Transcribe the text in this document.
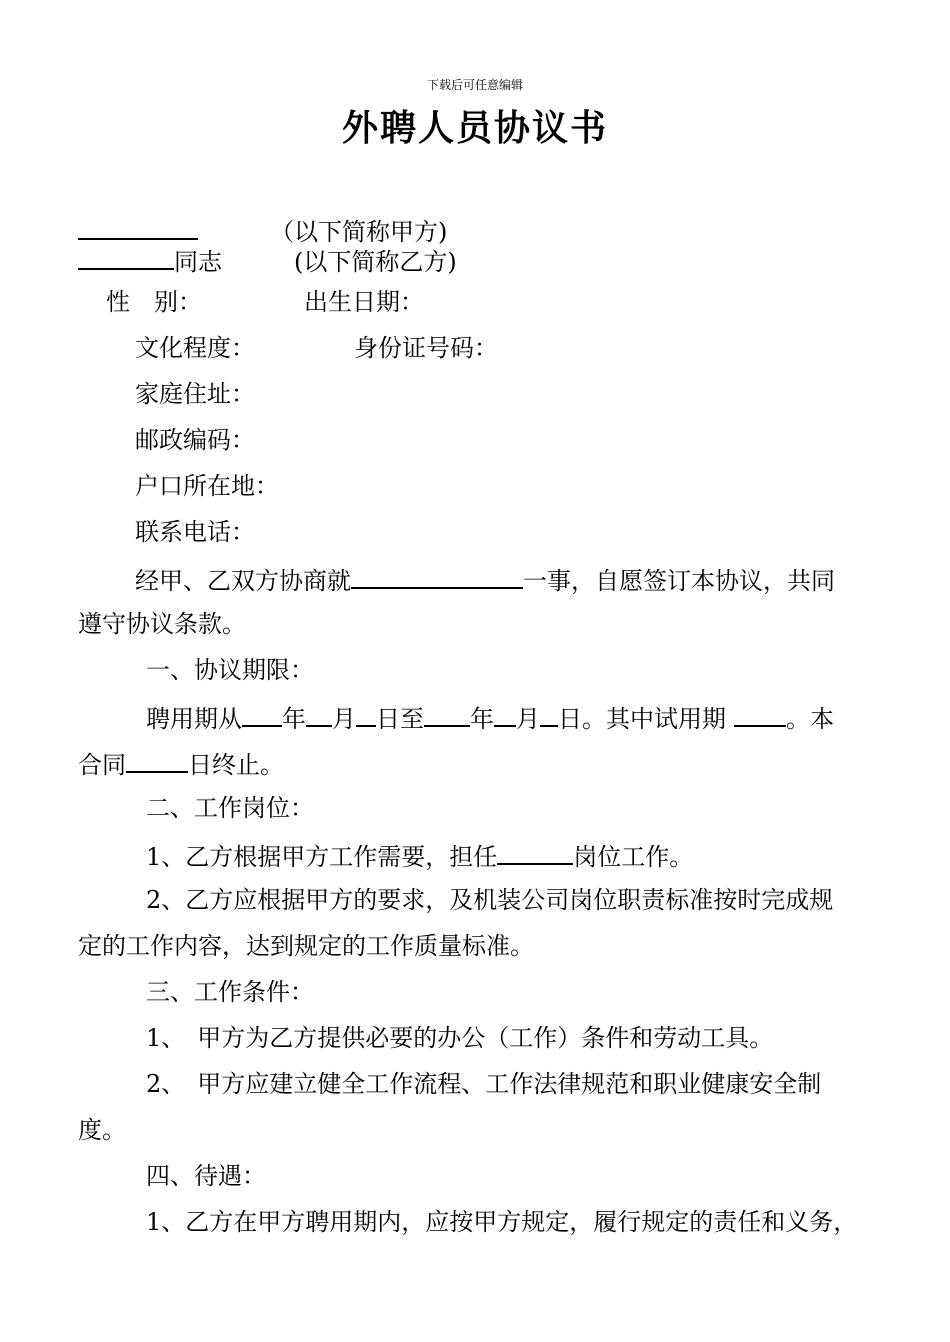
下载后可任意编辑
外聘人员协议书
（以下简称甲方)
同志	(以下简称乙方)
性　别：	出生日期：
文化程度：	身份证号码：
家庭住址：
邮政编码：
户口所在地：
联系电话：
经甲、乙双方协商就	一事，自愿签订本协议，共同
遵守协议条款。
一、协议期限：
聘用期从 年 月 日至 年 月 日。其中试用期	。本
合同	日终止。
二、工作岗位：
1、乙方根据甲方工作需要，担任	岗位工作。
2、乙方应根据甲方的要求，及机装公司岗位职责标准按时完成规
定的工作内容，达到规定的工作质量标准。
三、工作条件：
1、　甲方为乙方提供必要的办公（工作）条件和劳动工具。
2、　甲方应建立健全工作流程、工作法律规范和职业健康安全制
度。
四、待遇：
1、乙方在甲方聘用期内，应按甲方规定，履行规定的责任和义务，
